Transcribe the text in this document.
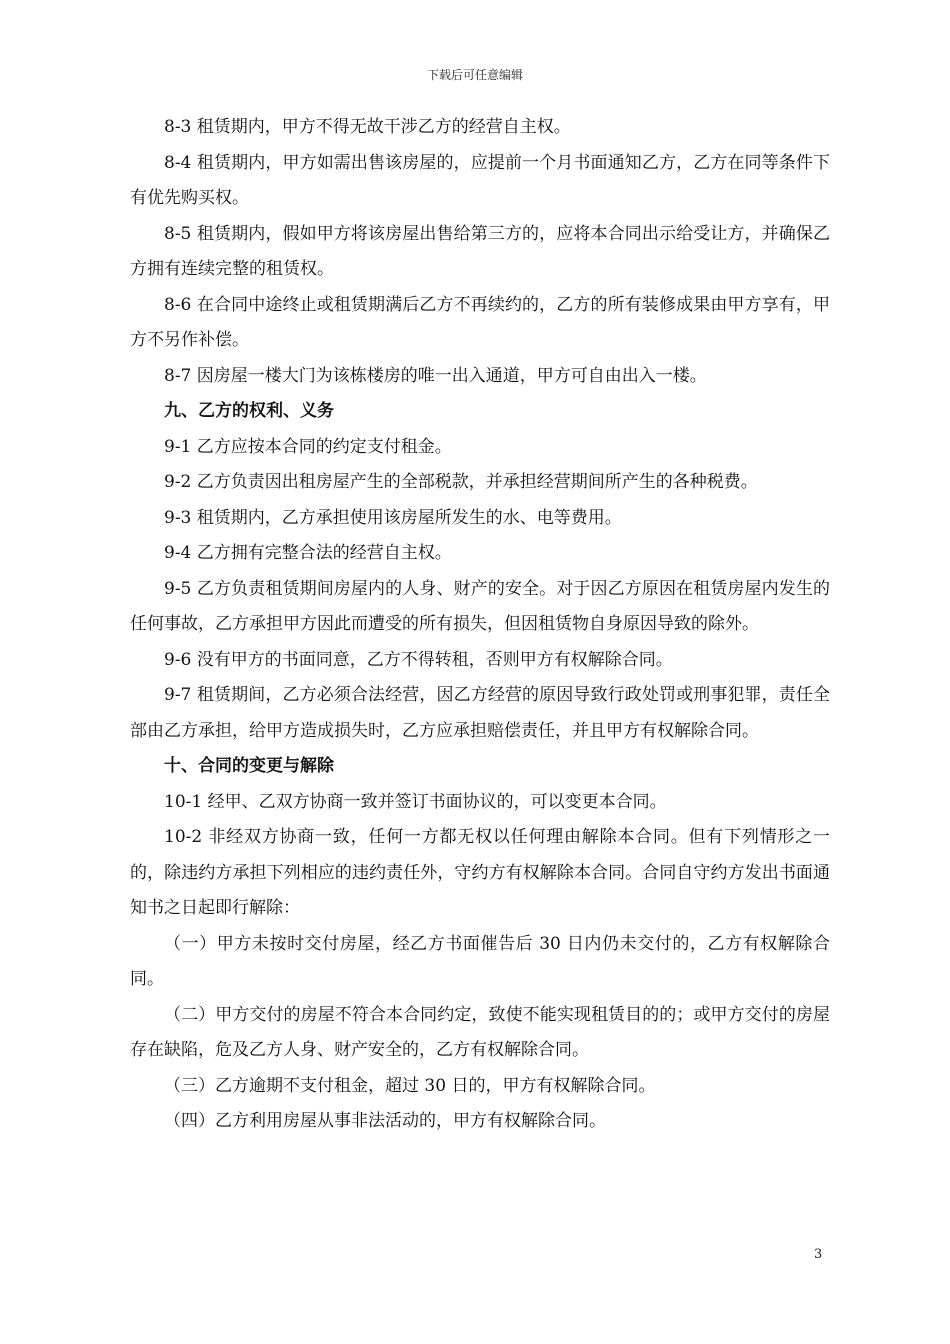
下载后可任意编辑

8-3 租赁期内，甲方不得无故干涉乙方的经营自主权。

8-4 租赁期内，甲方如需出售该房屋的，应提前一个月书面通知乙方，乙方在同等条件下有优先购买权。

8-5 租赁期内，假如甲方将该房屋出售给第三方的，应将本合同出示给受让方，并确保乙方拥有连续完整的租赁权。

8-6 在合同中途终止或租赁期满后乙方不再续约的，乙方的所有装修成果由甲方享有，甲方不另作补偿。

8-7 因房屋一楼大门为该栋楼房的唯一出入通道，甲方可自由出入一楼。

九、乙方的权利、义务

9-1 乙方应按本合同的约定支付租金。

9-2 乙方负责因出租房屋产生的全部税款，并承担经营期间所产生的各种税费。

9-3 租赁期内，乙方承担使用该房屋所发生的水、电等费用。

9-4 乙方拥有完整合法的经营自主权。

9-5 乙方负责租赁期间房屋内的人身、财产的安全。对于因乙方原因在租赁房屋内发生的任何事故，乙方承担甲方因此而遭受的所有损失，但因租赁物自身原因导致的除外。

9-6 没有甲方的书面同意，乙方不得转租，否则甲方有权解除合同。

9-7 租赁期间，乙方必须合法经营，因乙方经营的原因导致行政处罚或刑事犯罪，责任全部由乙方承担，给甲方造成损失时，乙方应承担赔偿责任，并且甲方有权解除合同。

十、合同的变更与解除

10-1 经甲、乙双方协商一致并签订书面协议的，可以变更本合同。

10-2 非经双方协商一致，任何一方都无权以任何理由解除本合同。但有下列情形之一的，除违约方承担下列相应的违约责任外，守约方有权解除本合同。合同自守约方发出书面通知书之日起即行解除：

（一）甲方未按时交付房屋，经乙方书面催告后 30 日内仍未交付的，乙方有权解除合同。

（二）甲方交付的房屋不符合本合同约定，致使不能实现租赁目的的；或甲方交付的房屋存在缺陷，危及乙方人身、财产安全的，乙方有权解除合同。

（三）乙方逾期不支付租金，超过 30 日的，甲方有权解除合同。

（四）乙方利用房屋从事非法活动的，甲方有权解除合同。

3
